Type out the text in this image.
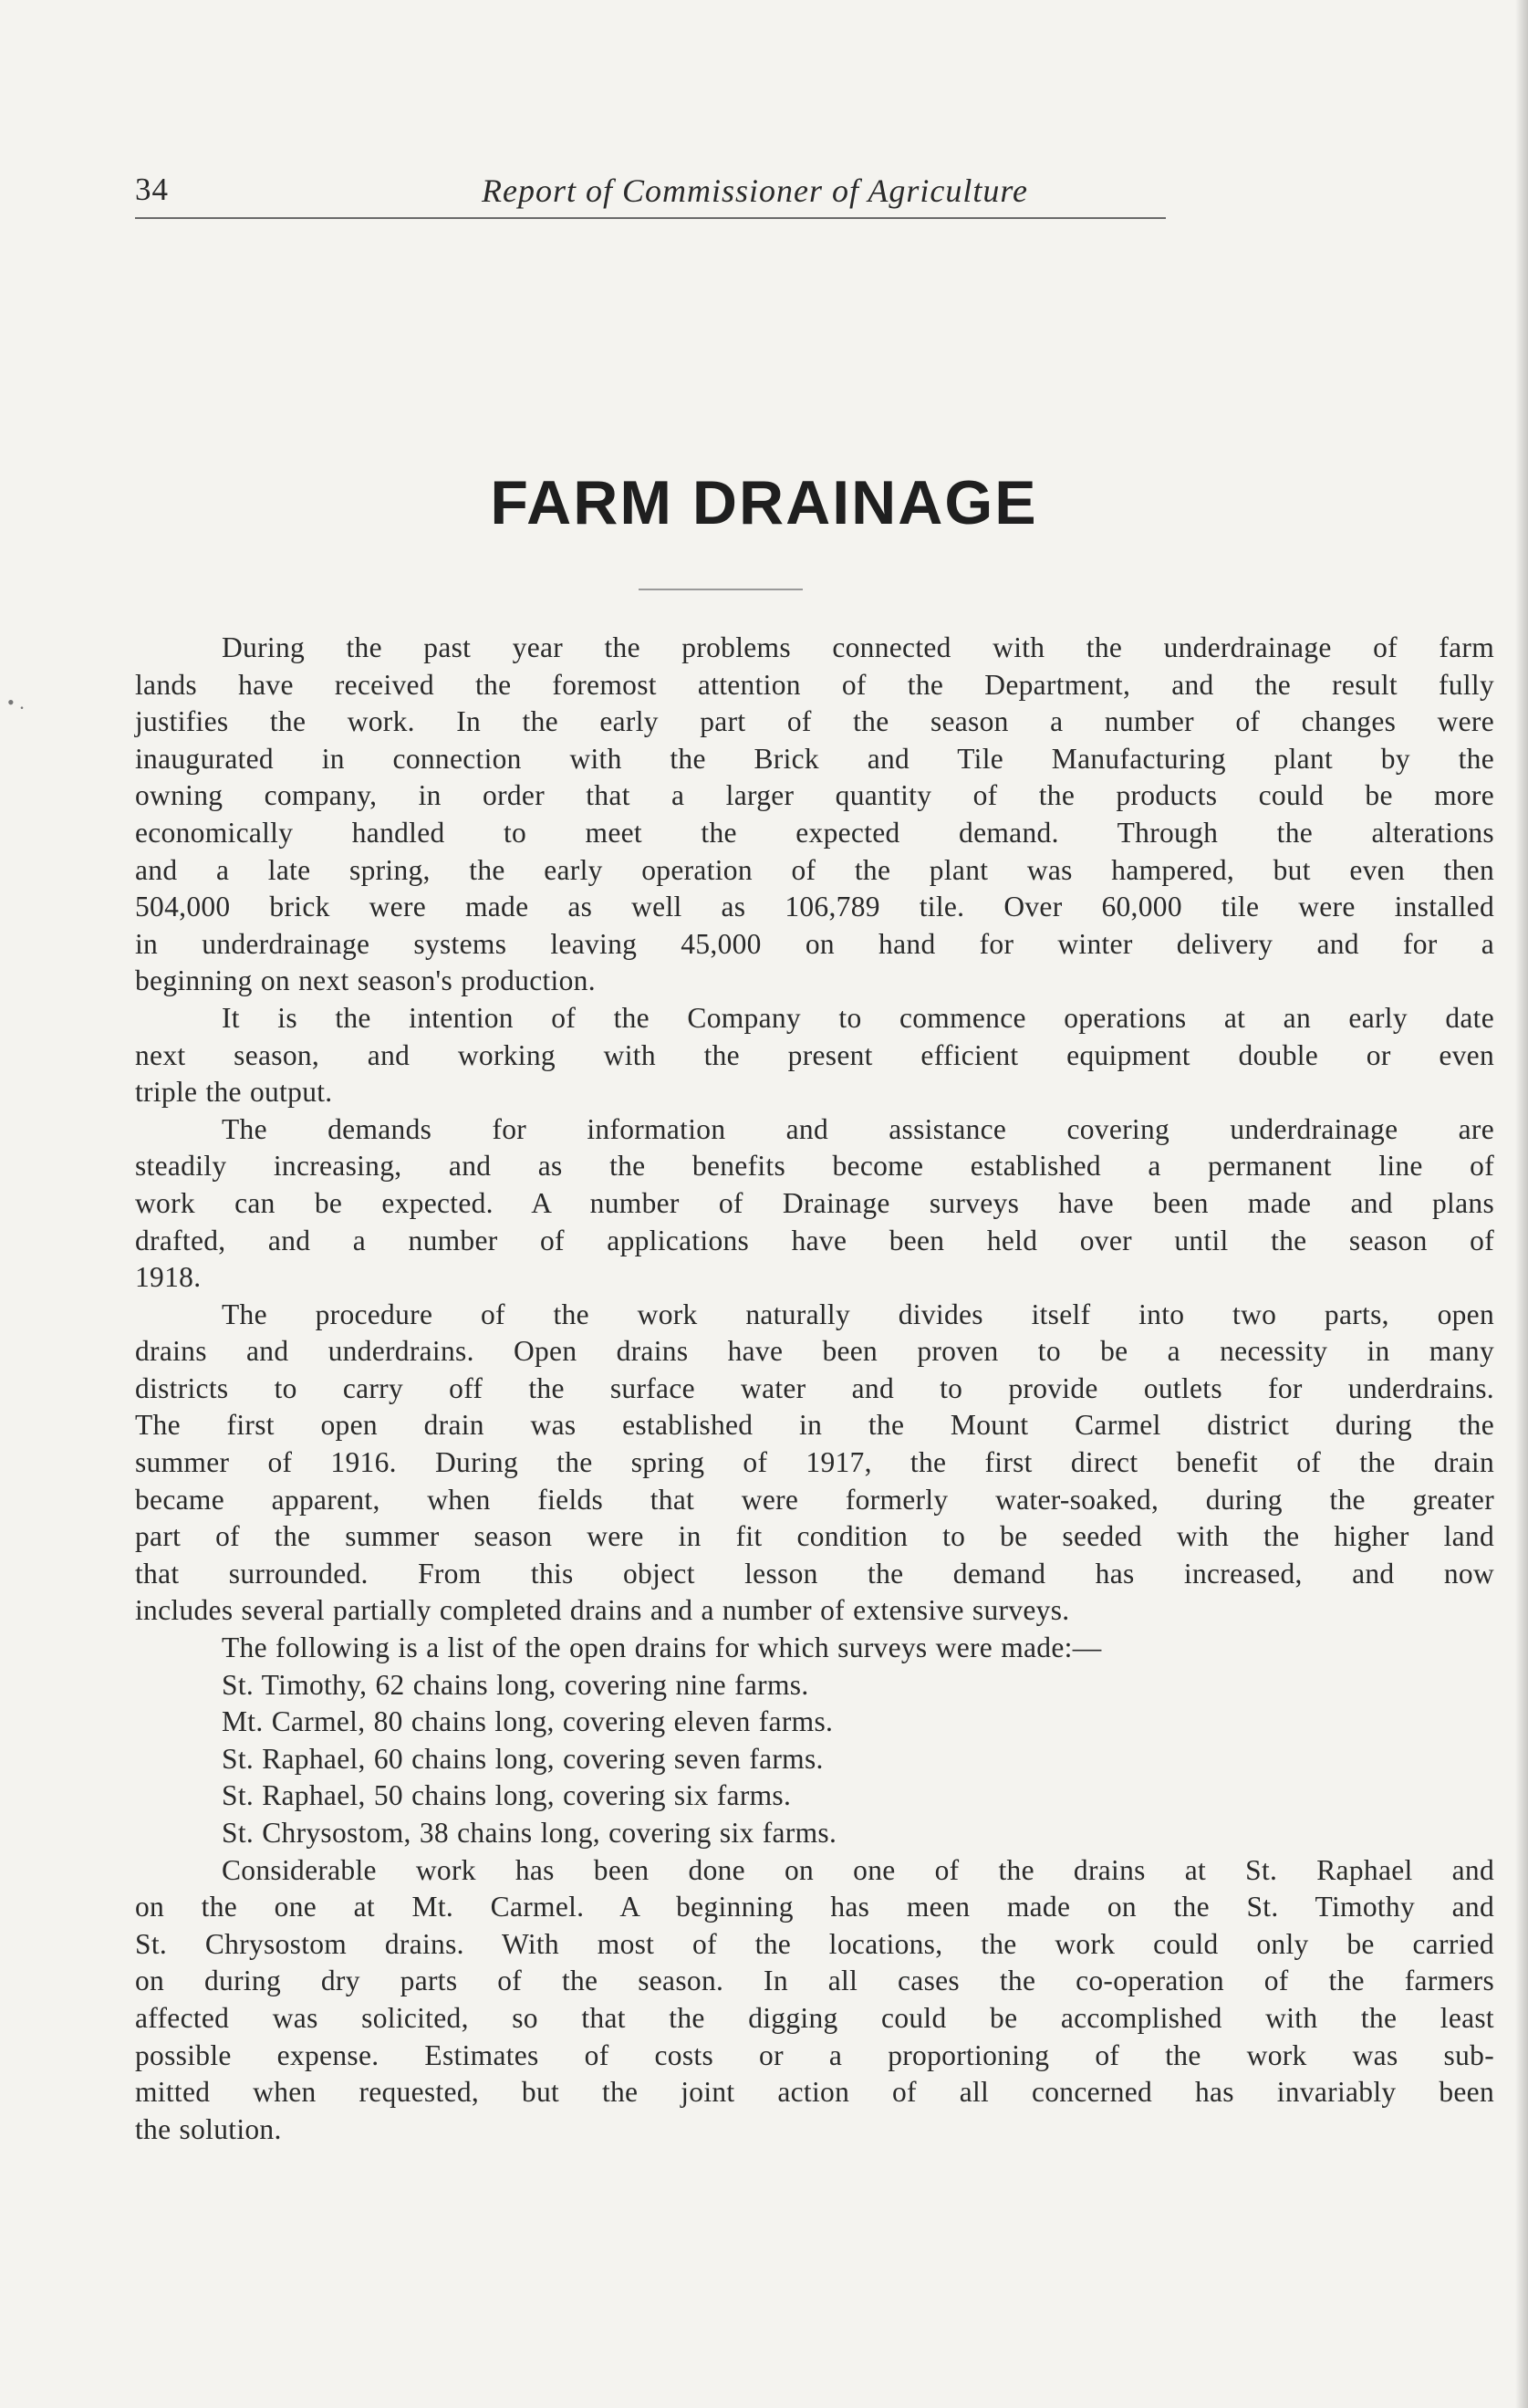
34	Report of Commissioner of Agriculture
• .
FARM DRAINAGE
During the past year the problems connected with the underdrainage of farm
lands have received the foremost attention of the Department, and the result fully
justifies the work. In the early part of the season a number of changes were
inaugurated in connection with the Brick and Tile Manufacturing plant by the
owning company, in order that a larger quantity of the products could be more
economically handled to meet the expected demand. Through the alterations
and a late spring, the early operation of the plant was hampered, but even then
504,000 brick were made as well as 106,789 tile. Over 60,000 tile were installed
in underdrainage systems leaving 45,000 on hand for winter delivery and for a
beginning on next season's production.
It is the intention of the Company to commence operations at an early date
next season, and working with the present efficient equipment double or even
triple the output.
The demands for information and assistance covering underdrainage are
steadily increasing, and as the benefits become established a permanent line of
work can be expected. A number of Drainage surveys have been made and plans
drafted, and a number of applications have been held over until the season of
1918.
The procedure of the work naturally divides itself into two parts, open
drains and underdrains. Open drains have been proven to be a necessity in many
districts to carry off the surface water and to provide outlets for underdrains.
The first open drain was established in the Mount Carmel district during the
summer of 1916. During the spring of 1917, the first direct benefit of the drain
became apparent, when fields that were formerly water-soaked, during the greater
part of the summer season were in fit condition to be seeded with the higher land
that surrounded. From this object lesson the demand has increased, and now
includes several partially completed drains and a number of extensive surveys.
The following is a list of the open drains for which surveys were made:—
St. Timothy, 62 chains long, covering nine farms.
Mt. Carmel, 80 chains long, covering eleven farms.
St. Raphael, 60 chains long, covering seven farms.
St. Raphael, 50 chains long, covering six farms.
St. Chrysostom, 38 chains long, covering six farms.
Considerable work has been done on one of the drains at St. Raphael and
on the one at Mt. Carmel. A beginning has meen made on the St. Timothy and
St. Chrysostom drains. With most of the locations, the work could only be carried
on during dry parts of the season. In all cases the co-operation of the farmers
affected was solicited, so that the digging could be accomplished with the least
possible expense. Estimates of costs or a proportioning of the work was sub-
mitted when requested, but the joint action of all concerned has invariably been
the solution.
